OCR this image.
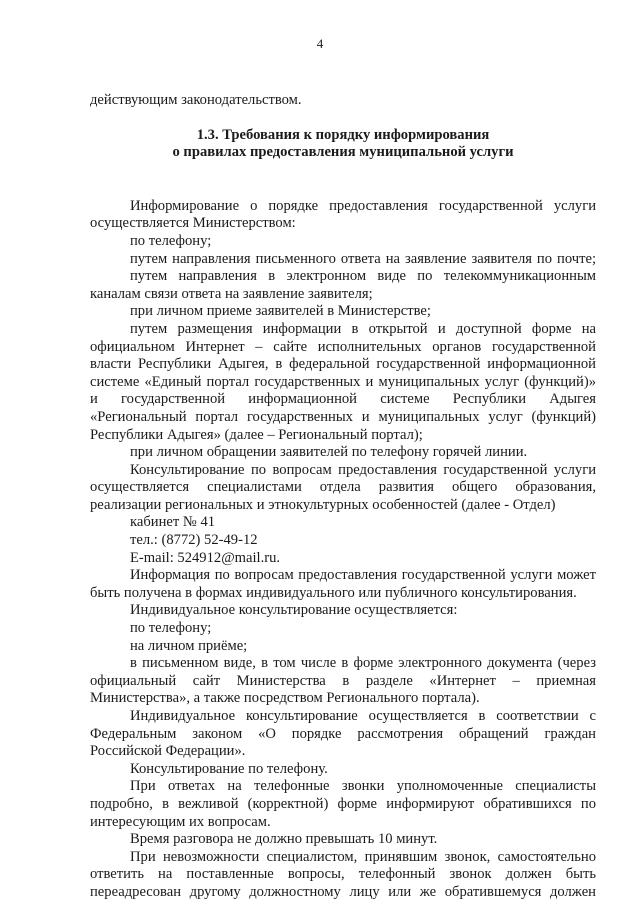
4

действующим законодательством.

1.3. Требования к порядку информирования

о правилах предоставления муниципальной услуги

Информирование о порядке предоставления государственной услуги

осуществляется Министерством:

по телефону;

путем направления письменного ответа на заявление заявителя по почте;

путем направления в электронном виде по телекоммуникационным

каналам связи ответа на заявление заявителя;

при личном приеме заявителей в Министерстве;

путем размещения информации в открытой и доступной форме на

официальном Интернет – сайте исполнительных органов государственной

власти Республики Адыгея, в федеральной государственной информационной

системе «Единый портал государственных и муниципальных услуг (функций)»

и государственной информационной системе Республики Адыгея

«Региональный портал государственных и муниципальных услуг (функций)

Республики Адыгея» (далее – Региональный портал);

при личном обращении заявителей по телефону горячей линии.

Консультирование по вопросам предоставления государственной услуги

осуществляется специалистами отдела развития общего образования,

реализации региональных и этнокультурных особенностей (далее - Отдел)

кабинет № 41

тел.: (8772) 52-49-12

E-mail: 524912@mail.ru.

Информация по вопросам предоставления государственной услуги может

быть получена в формах индивидуального или публичного консультирования.

Индивидуальное консультирование осуществляется:

по телефону;

на личном приёме;

в письменном виде, в том числе в форме электронного документа (через

официальный сайт Министерства в разделе «Интернет – приемная

Министерства», а также посредством Регионального портала).

Индивидуальное консультирование осуществляется в соответствии с

Федеральным законом «О порядке рассмотрения обращений граждан

Российской Федерации».

Консультирование по телефону.

При ответах на телефонные звонки уполномоченные специалисты

подробно, в вежливой (корректной) форме информируют обратившихся по

интересующим их вопросам.

Время разговора не должно превышать 10 минут.

При невозможности специалистом, принявшим звонок, самостоятельно

ответить на поставленные вопросы, телефонный звонок должен быть

переадресован другому должностному лицу или же обратившемуся должен
